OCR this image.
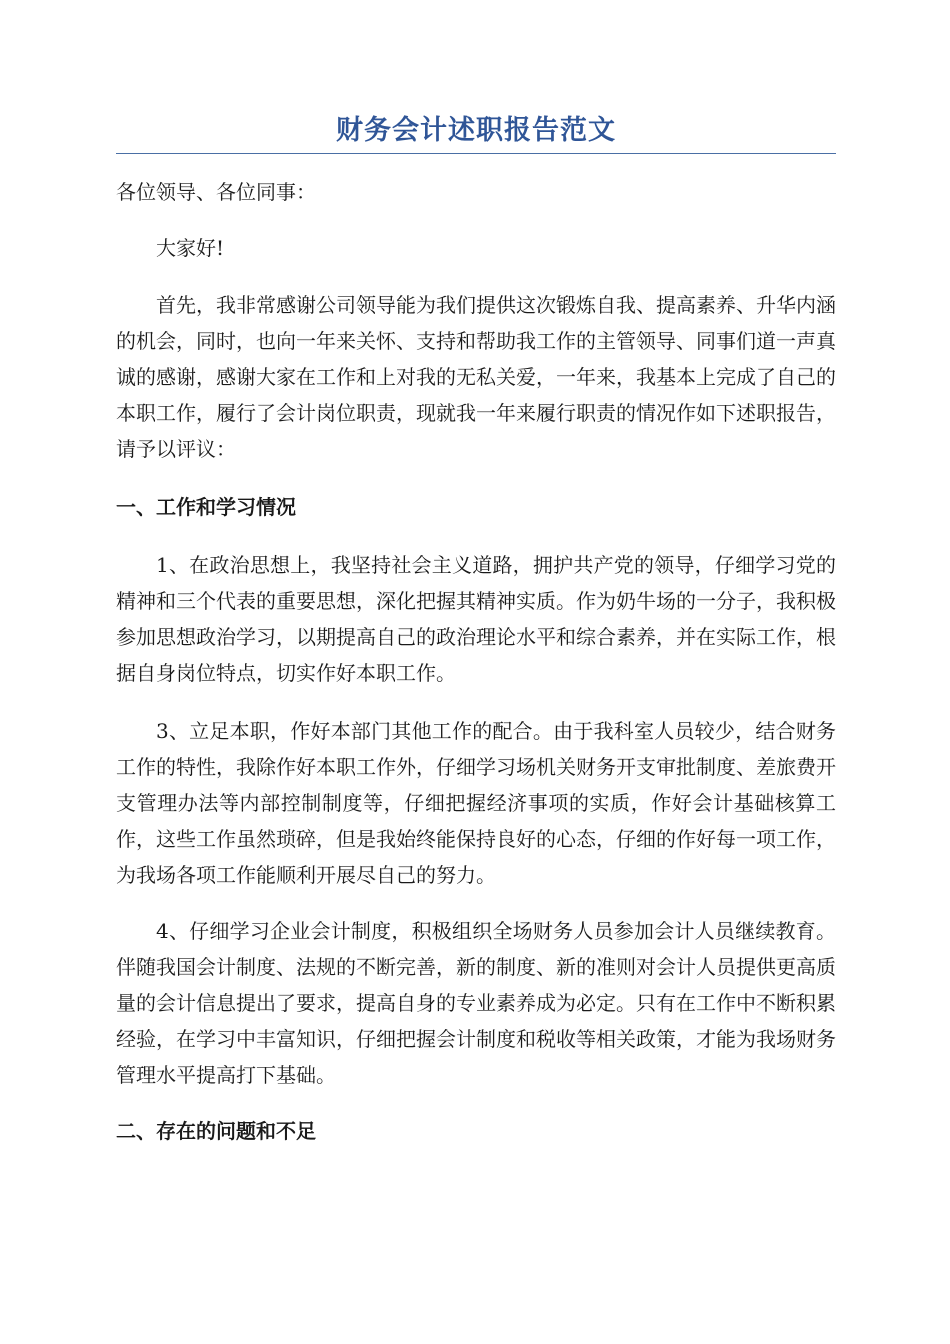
财务会计述职报告范文

各位领导、各位同事：

大家好!

首先，我非常感谢公司领导能为我们提供这次锻炼自我、提高素养、升华内涵的机会，同时，也向一年来关怀、支持和帮助我工作的主管领导、同事们道一声真诚的感谢，感谢大家在工作和上对我的无私关爱，一年来，我基本上完成了自己的本职工作，履行了会计岗位职责，现就我一年来履行职责的情况作如下述职报告，请予以评议：

一、工作和学习情况

1、在政治思想上，我坚持社会主义道路，拥护共产党的领导，仔细学习党的精神和三个代表的重要思想，深化把握其精神实质。作为奶牛场的一分子，我积极参加思想政治学习，以期提高自己的政治理论水平和综合素养，并在实际工作，根据自身岗位特点，切实作好本职工作。

3、立足本职，作好本部门其他工作的配合。由于我科室人员较少，结合财务工作的特性，我除作好本职工作外，仔细学习场机关财务开支审批制度、差旅费开支管理办法等内部控制制度等，仔细把握经济事项的实质，作好会计基础核算工作，这些工作虽然琐碎，但是我始终能保持良好的心态，仔细的作好每一项工作，为我场各项工作能顺利开展尽自己的努力。

4、仔细学习企业会计制度，积极组织全场财务人员参加会计人员继续教育。伴随我国会计制度、法规的不断完善，新的制度、新的准则对会计人员提供更高质量的会计信息提出了要求，提高自身的专业素养成为必定。只有在工作中不断积累经验，在学习中丰富知识，仔细把握会计制度和税收等相关政策，才能为我场财务管理水平提高打下基础。

二、存在的问题和不足
